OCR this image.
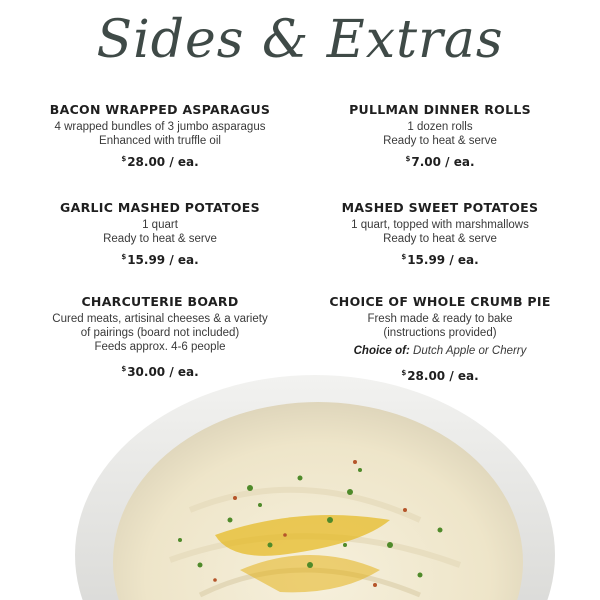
Sides & Extras
BACON WRAPPED ASPARAGUS
4 wrapped bundles of 3 jumbo asparagus
Enhanced with truffle oil
$28.00 / ea.
PULLMAN DINNER ROLLS
1 dozen rolls
Ready to heat & serve
$7.00 / ea.
GARLIC MASHED POTATOES
1 quart
Ready to heat & serve
$15.99 / ea.
MASHED SWEET POTATOES
1 quart, topped with marshmallows
Ready to heat & serve
$15.99 / ea.
CHARCUTERIE BOARD
Cured meats, artisinal cheeses & a variety
of pairings (board not included)
Feeds approx. 4-6 people
$30.00 / ea.
CHOICE OF WHOLE CRUMB PIE
Fresh made & ready to bake
(instructions provided)
Choice of: Dutch Apple or Cherry
$28.00 / ea.
